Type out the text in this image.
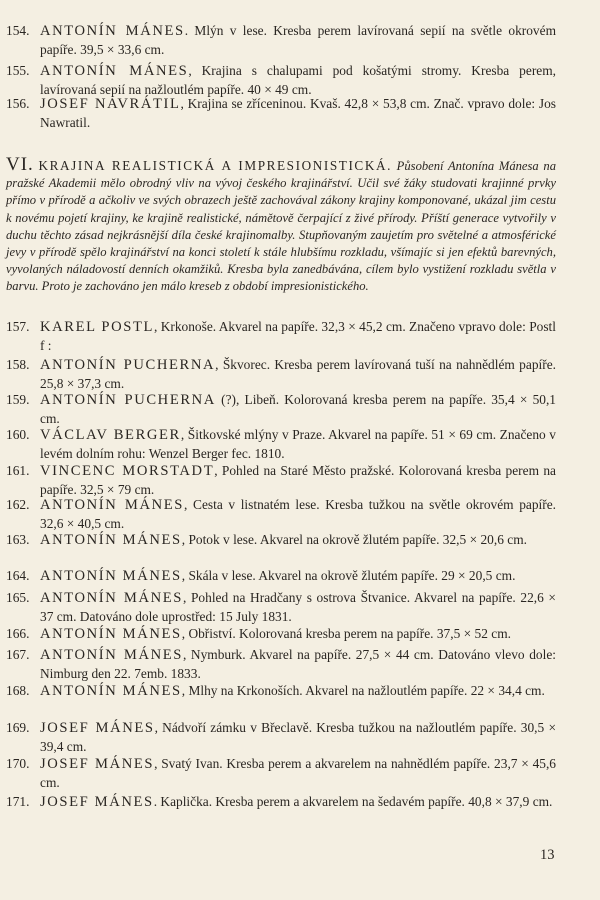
154. ANTONÍN MÁNES. Mlýn v lese. Kresba perem lavírovaná sepií na světle okrovém papíře. 39,5 × 33,6 cm.
155. ANTONÍN MÁNES, Krajina s chalupami pod košatými stromy. Kresba perem, lavírovaná sepií na nažloutlém papíře. 40 × 49 cm.
156. JOSEF NAVRÁTIL, Krajina se zříceninou. Kvaš. 42,8 × 53,8 cm. Znač. vpravo dole: Jos Nawratil.
VI. KRAJINA REALISTICKÁ A IMPRESIONISTICKÁ. Působení Antonína Mánesa na pražské Akademii mělo obrodný vliv na vývoj českého krajinářství. Učil své žáky studovati krajinné prvky přímo v přírodě a ačkoliv ve svých obrazech ještě zachovával zákony krajiny komponované, ukázal jim cestu k novému pojetí krajiny, ke krajině realistické, námětově čerpající z živé přírody. Příští generace vytvořily v duchu těchto zásad nejkrásnější díla české krajinomalby. Stupňovaným zaujetím pro světelné a atmosférické jevy v přírodě spělo krajinářství na konci století k stále hlubšímu rozkladu, všímajíc si jen efektů barevných, vyvolaných náladovostí denních okamžiků. Kresba byla zanedbávána, cílem bylo vystižení rozkladu světla v barvu. Proto je zachováno jen málo kreseb z období impresionistického.
157. KAREL POSTL, Krkonoše. Akvarel na papíře. 32,3 × 45,2 cm. Značeno vpravo dole: Postl f :
158. ANTONÍN PUCHERNA, Škvorec. Kresba perem lavírovaná tuší na nahnědlém papíře. 25,8 × 37,3 cm.
159. ANTONÍN PUCHERNA (?), Libeň. Kolorovaná kresba perem na papíře. 35,4 × 50,1 cm.
160. VÁCLAV BERGER, Šitkovské mlýny v Praze. Akvarel na papíře. 51 × 69 cm. Značeno v levém dolním rohu: Wenzel Berger fec. 1810.
161. VINCENC MORSTADT, Pohled na Staré Město pražské. Kolorovaná kresba perem na papíře. 32,5 × 79 cm.
162. ANTONÍN MÁNES, Cesta v listnatém lese. Kresba tužkou na světle okrovém papíře. 32,6 × 40,5 cm.
163. ANTONÍN MÁNES, Potok v lese. Akvarel na okrově žlutém papíře. 32,5 × 20,6 cm.
164. ANTONÍN MÁNES, Skála v lese. Akvarel na okrově žlutém papíře. 29 × 20,5 cm.
165. ANTONÍN MÁNES, Pohled na Hradčany s ostrova Štvanice. Akvarel na papíře. 22,6 × 37 cm. Datováno dole uprostřed: 15 July 1831.
166. ANTONÍN MÁNES, Obřiství. Kolorovaná kresba perem na papíře. 37,5 × 52 cm.
167. ANTONÍN MÁNES, Nymburk. Akvarel na papíře. 27,5 × 44 cm. Datováno vlevo dole: Nimburg den 22. 7emb. 1833.
168. ANTONÍN MÁNES, Mlhy na Krkonoších. Akvarel na nažloutlém papíře. 22 × 34,4 cm.
169. JOSEF MÁNES, Nádvoří zámku v Břeclavě. Kresba tužkou na nažloutlém papíře. 30,5 × 39,4 cm.
170. JOSEF MÁNES, Svatý Ivan. Kresba perem a akvarelem na nahnědlém papíře. 23,7 × 45,6 cm.
171. JOSEF MÁNES. Kaplička. Kresba perem a akvarelem na šedavém papíře. 40,8 × 37,9 cm.
13
